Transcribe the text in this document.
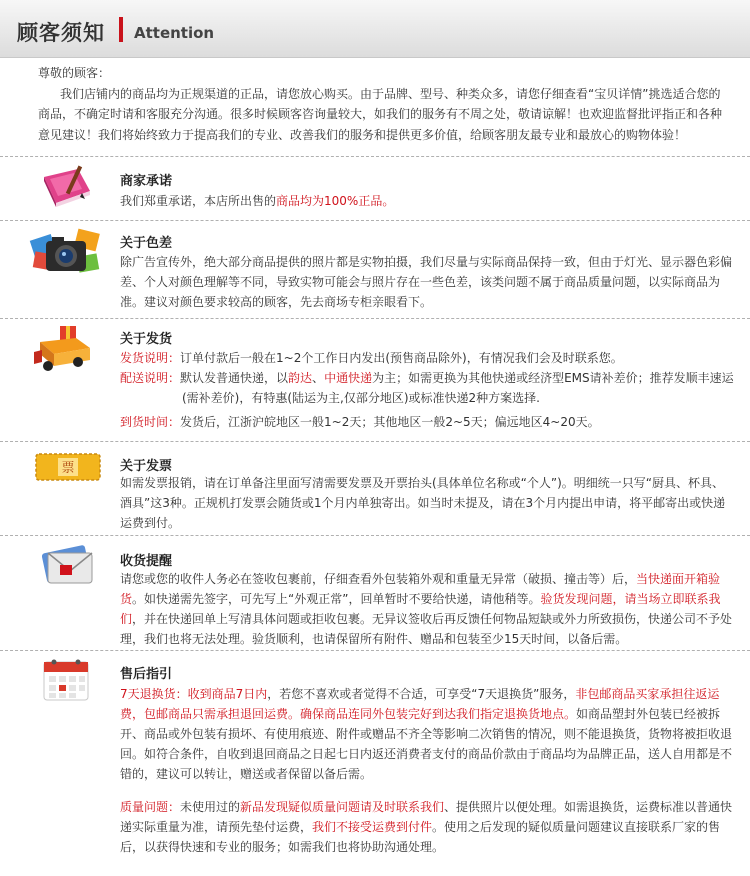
顾客须知 Attention
尊敬的顾客：
我们店铺内的商品均为正规渠道的正品，请您放心购买。由于品牌、型号、种类众多，请您仔细查看“宝贝详情”挑选适合您的商品，不确定时请和客服充分沟通。很多时候顾客咨询量较大，如我们的服务有不周之处，敬请谅解！也欢迎监督批评指正和各种意见建议！我们将始终致力于提高我们的专业、改善我们的服务和提供更多价值，给顾客朋友最专业和最放心的购物体验！
商家承诺
我们郑重承诺，本店所出售的商品均为100%正品。
关于色差
除广告宣传外，绝大部分商品提供的照片都是实物拍摄，我们尽量与实际商品保持一致，但由于灯光、显示器色彩偏差、个人对颜色理解等不同，导致实物可能会与照片存在一些色差，该类问题不属于商品质量问题，以实际商品为准。建议对颜色要求较高的顾客，先去商场专柜亲眼看下。
关于发货
发货说明：订单付款后一般在1~2个工作日内发出(预售商品除外)，有情况我们会及时联系您。
配送说明：默认发普通快递，以韵达、中通快递为主；如需更换为其他快递或经济型EMS请补差价；推荐发顺丰速运(需补差价)，有特惠(陆运为主,仅部分地区)或标准快递2种方案选择.
到货时间：发货后，江浙沪皖地区一般1~2天；其他地区一般2~5天；偏远地区4~20天。
票	关于发票
如需发票报销，请在订单备注里面写清需要发票及开票抬头(具体单位名称或“个人”)。明细统一只写“厨具、杯具、酒具”这3种。正规机打发票会随货或1个月内单独寄出。如当时未提及，请在3个月内提出申请，将平邮寄出或快递运费到付。
收货提醒
请您或您的收件人务必在签收包裹前，仔细查看外包装箱外观和重量无异常（破损、撞击等）后，当快递面开箱验货。如快递需先签字，可先写上“外观正常”，回单暂时不要给快递，请他稍等。验货发现问题，请当场立即联系我们，并在快递回单上写清具体问题或拒收包裹。无异议签收后再反馈任何物品短缺或外力所致损伤，快递公司不予处理，我们也将无法处理。验货顺利，也请保留所有附件、赠品和包装至少15天时间，以备后需。
售后指引
7天退换货：收到商品7日内，若您不喜欢或者觉得不合适，可享受“7天退换货”服务，非包邮商品买家承担往返运费，包邮商品只需承担退回运费。确保商品连同外包装完好到达我们指定退换货地点。如商品塑封外包装已经被拆开、商品或外包装有损坏、有使用痕迹、附件或赠品不齐全等影响二次销售的情况，则不能退换货，货物将被拒收退回。如符合条件，自收到退回商品之日起七日内返还消费者支付的商品价款由于商品均为品牌正品，送人自用都是不错的，建议可以转让，赠送或者保留以备后需。
质量问题：未使用过的新品发现疑似质量问题请及时联系我们、提供照片以便处理。如需退换货，运费标准以普通快递实际重量为准，请预先垫付运费，我们不接受运费到付件。使用之后发现的疑似质量问题建议直接联系厂家的售后，以获得快速和专业的服务；如需我们也将协助沟通处理。
